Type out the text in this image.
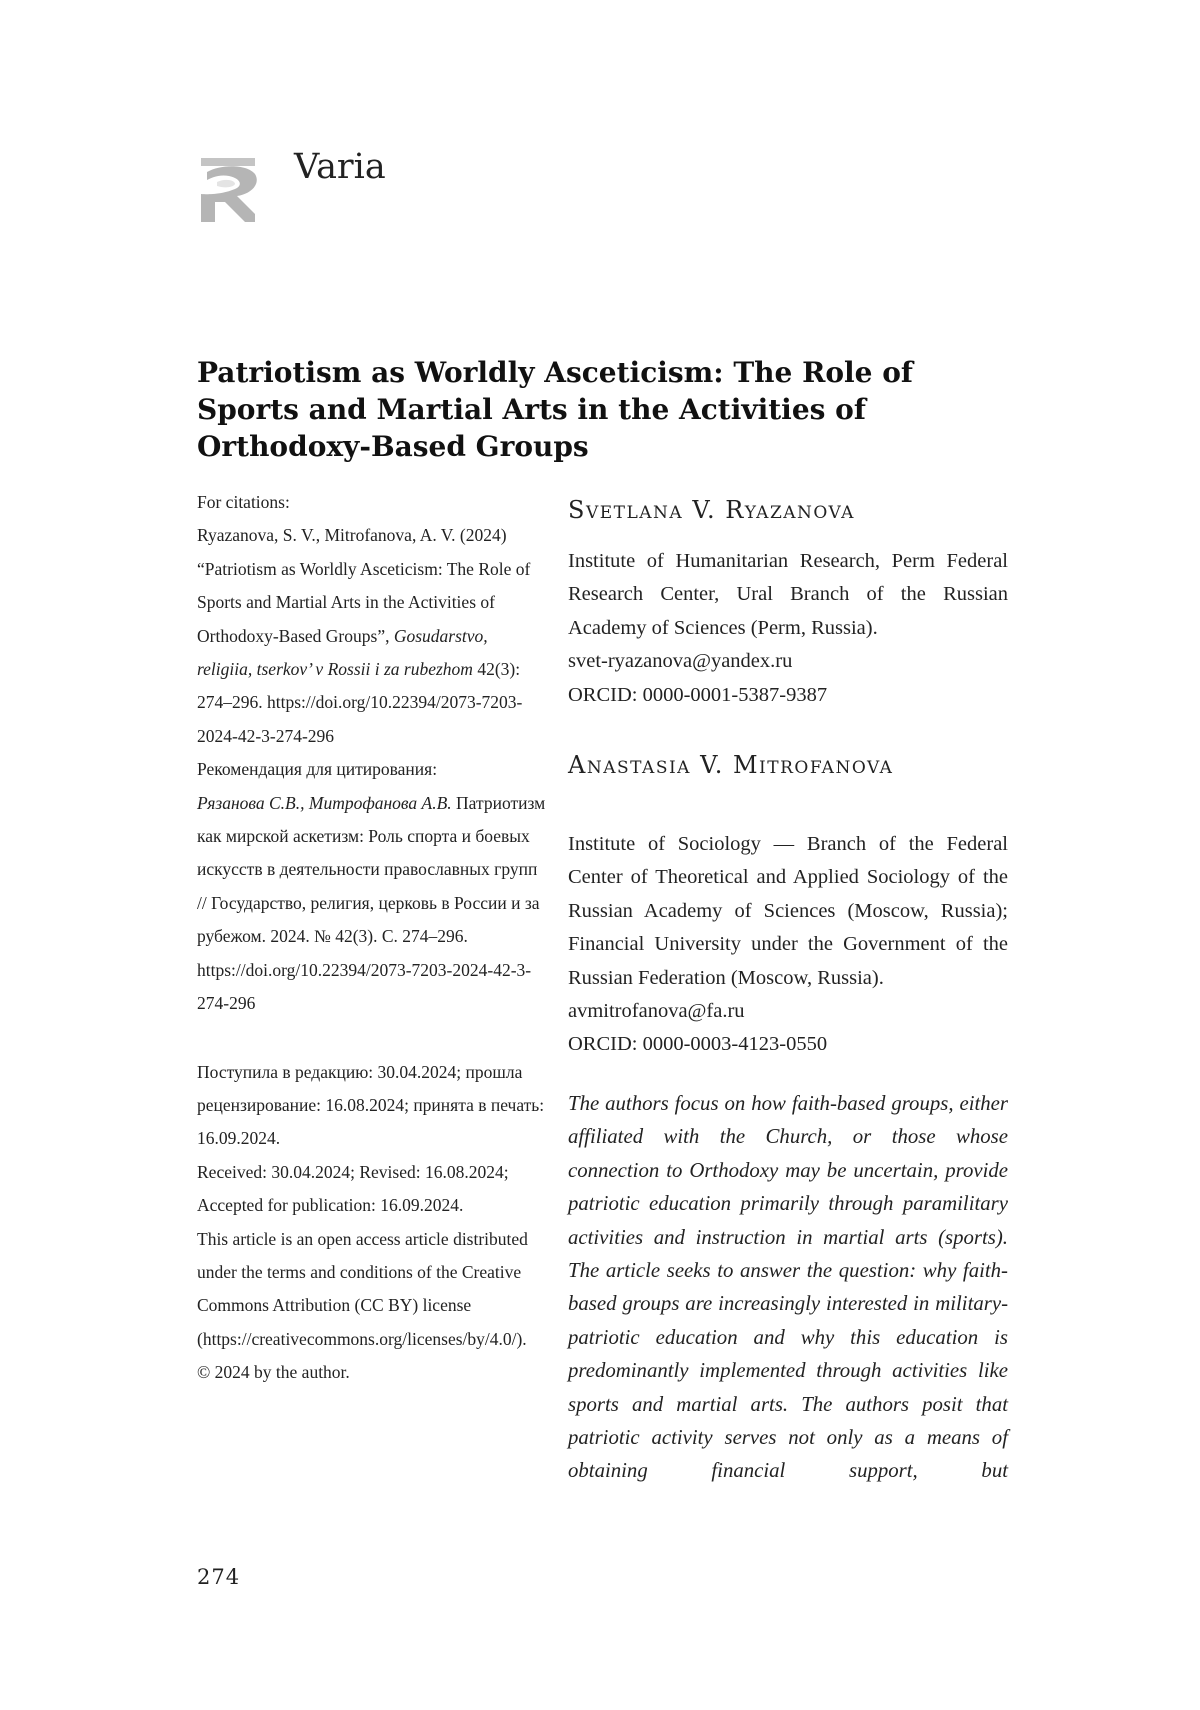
Varia
Patriotism as Worldly Asceticism: The Role of Sports and Martial Arts in the Activities of Orthodoxy-Based Groups
For citations:
Ryazanova, S. V., Mitrofanova, A. V. (2024) “Patriotism as Worldly Asceticism: The Role of Sports and Martial Arts in the Activities of Orthodoxy-Based Groups”, Gosudarstvo, religiia, tserkov’ v Rossii i za rubezhom 42(3): 274–296. https://doi.org/10.22394/2073-7203-2024-42-3-274-296
Рекомендация для цитирования:
Рязанова С.В., Митрофанова А.В. Патриотизм как мирской аскетизм: Роль спорта и боевых искусств в деятельности православных групп // Государство, религия, церковь в России и за рубежом. 2024. № 42(3). С. 274–296.
https://doi.org/10.22394/2073-7203-2024-42-3-274-296
Поступила в редакцию: 30.04.2024; прошла рецензирование: 16.08.2024; принята в печать: 16.09.2024.
Received: 30.04.2024; Revised: 16.08.2024; Accepted for publication: 16.09.2024.
This article is an open access article distributed under the terms and conditions of the Creative Commons Attribution (CC BY) license (https://creativecommons.org/licenses/by/4.0/).
© 2024 by the author.
Svetlana V. Ryazanova
Institute of Humanitarian Research, Perm Federal Research Center, Ural Branch of the Russian Academy of Sciences (Perm, Russia).
svet-ryazanova@yandex.ru
ORCID: 0000-0001-5387-9387
Anastasia V. Mitrofanova
Institute of Sociology — Branch of the Federal Center of Theoretical and Applied Sociology of the Russian Academy of Sciences (Moscow, Russia); Financial University under the Government of the Russian Federation (Moscow, Russia).
avmitrofanova@fa.ru
ORCID: 0000-0003-4123-0550
The authors focus on how faith-based groups, either affiliated with the Church, or those whose connection to Orthodoxy may be uncertain, provide patriotic education primarily through paramilitary activities and instruction in martial arts (sports). The article seeks to answer the question: why faith-based groups are increasingly interested in military-patriotic education and why this education is predominantly implemented through activities like sports and martial arts. The authors posit that patriotic activity serves not only as a means of obtaining financial support, but
274
